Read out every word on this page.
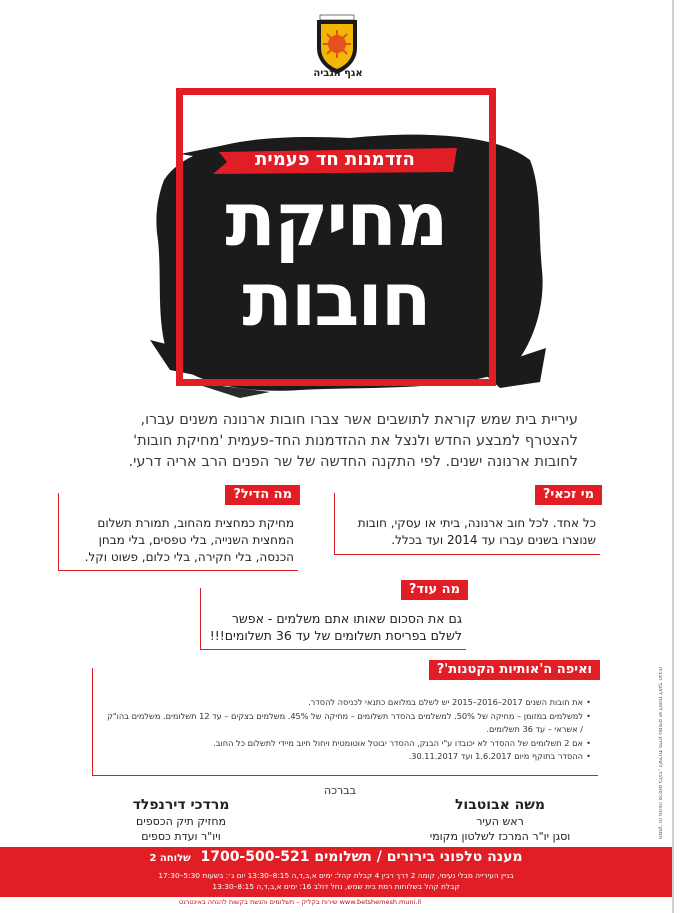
אגף הגביה
הזדמנות חד פעמית
מחיקת
חובות
עיריית בית שמש קוראת לתושבים אשר צברו חובות ארנונה משנים עברו,
להצטרף למבצע החדש ולנצל את ההזדמנות החד-פעמית 'מחיקת חובות'
לחובות ארנונה ישנים. לפי התקנה החדשה של שר הפנים הרב אריה דרעי.
מי זכאי?
כל אחד. לכל חוב ארנונה, ביתי או עסקי, חובות
שנוצרו בשנים עברו עד 2014 ועד בכלל.
מה הדיל?
מחיקת כמחצית מהחוב, תמורת תשלום
המחצית השנייה, בלי טפסים, בלי מבחן
הכנסה, בלי חקירה, בלי כלום, פשוט וקל.
מה עוד?
גם את הסכום שאותו אתם משלמים - אפשר
לשלם בפריסת תשלומים של עד 36 תשלומים!!!
ואיפה ה'אותיות הקטנות'?
• את חובות השנים 2017–2016–2015 יש לשלם במלואם כתנאי לכניסה להסדר.
• למשלמים במזומן – מחיקה של 50%. למשלמים בהסדר תשלומים – מחיקה של 45%. משלמים בצקים – עד 12 תשלומים. משלמים בהו"ק / אשראי – עד 36 תשלומים.
• אם 2 תשלומים של ההסדר לא יכובדו ע"י הבנק, ההסדר יבוטל אוטומטית ויחול חיוב מיידי לתשלום כל החוב.
• ההסדר בתוקף מיום 1.6.2017 ועד 30.11.2017.
בברכה
משה אבוטבול
ראש העיר
וסגן יו"ר המרכז לשלטון מקומי
מרדכי דירנפלד
מחזיק תיק הכספים
ויו"ר ועדת כספים
מענה טלפוני בירורים / תשלומים 1700-500-521  שלוחה 2
בניין העירייה מבלי נעימי, קומה 2 דרך רבין 4 קבלת קהל: ימים א,ב,ד,ה 8:15–13:30 יום ג׳: בשעות 5:30–17:30
קבלת קהל בשלוחות רמת בית שמש, נחל דולב 16: ימים א,ב,ד,ה 8:15–13:30
www.betshemesh.muni.il שירות בקליק – תשלומים והגשת בקשות להנחה באינטרנט
מסמך זה מהווה פרסום בלבד, לשירותי מידע נוספים יש לפנות לאגף הגביה
